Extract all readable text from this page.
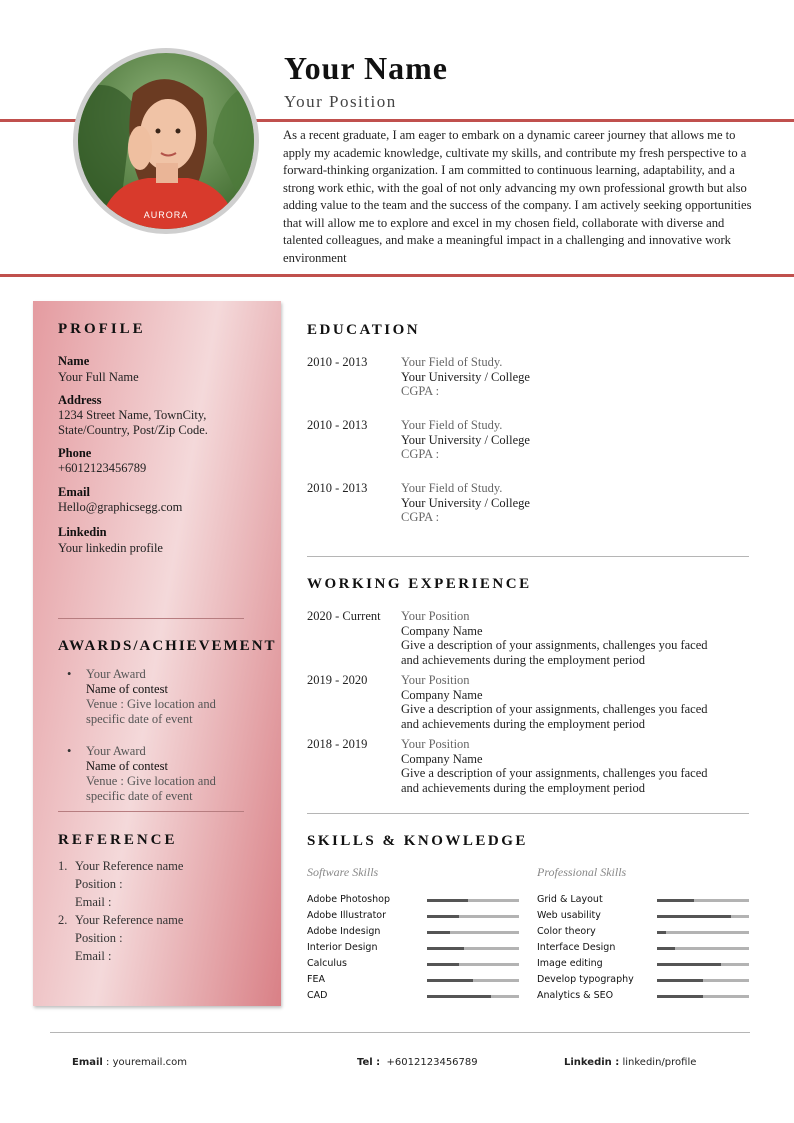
AURORA
Your Name
Your Position
As a recent graduate, I am eager to embark on a dynamic career journey that allows me to apply my academic knowledge, cultivate my skills, and contribute my fresh perspective to a forward-thinking organization. I am committed to continuous learning, adaptability, and a strong work ethic, with the goal of not only advancing my own professional growth but also adding value to the team and the success of the company. I am actively seeking opportunities that will allow me to explore and excel in my chosen field, collaborate with diverse and talented colleagues, and make a meaningful impact in a challenging and innovative work environment
PROFILE
Name
Your Full Name
Address
1234 Street Name, TownCity,
State/Country, Post/Zip Code.
Phone
+6012123456789
Email
Hello@graphicsegg.com
Linkedin
Your linkedin profile
AWARDS/ACHIEVEMENT
• Your Award
Name of contest
Venue : Give location and
specific date of event
• Your Award
Name of contest
Venue : Give location and
specific date of event
REFERENCE
1. Your Reference name
Position :
Email :
2. Your Reference name
Position :
Email :
EDUCATION
2010 - 2013	Your Field of Study.
Your University / College
CGPA :
2010 - 2013	Your Field of Study.
Your University / College
CGPA :
2010 - 2013	Your Field of Study.
Your University / College
CGPA :
WORKING EXPERIENCE
2020 - Current Your Position
Company Name
Give a description of your assignments, challenges you faced
and achievements during the employment period
2019 - 2020	Your Position
Company Name
Give a description of your assignments, challenges you faced
and achievements during the employment period
2018 - 2019	Your Position
Company Name
Give a description of your assignments, challenges you faced
and achievements during the employment period
SKILLS & KNOWLEDGE
Software Skills	Professional Skills
Adobe Photoshop
Adobe Illustrator
Adobe Indesign
Interior Design
Calculus
FEA
CAD
Grid & Layout
Web usability
Color theory
Interface Design
Image editing
Develop typography
Analytics & SEO
Email : youremail.com	Tel : +6012123456789	Linkedin : linkedin/profile
